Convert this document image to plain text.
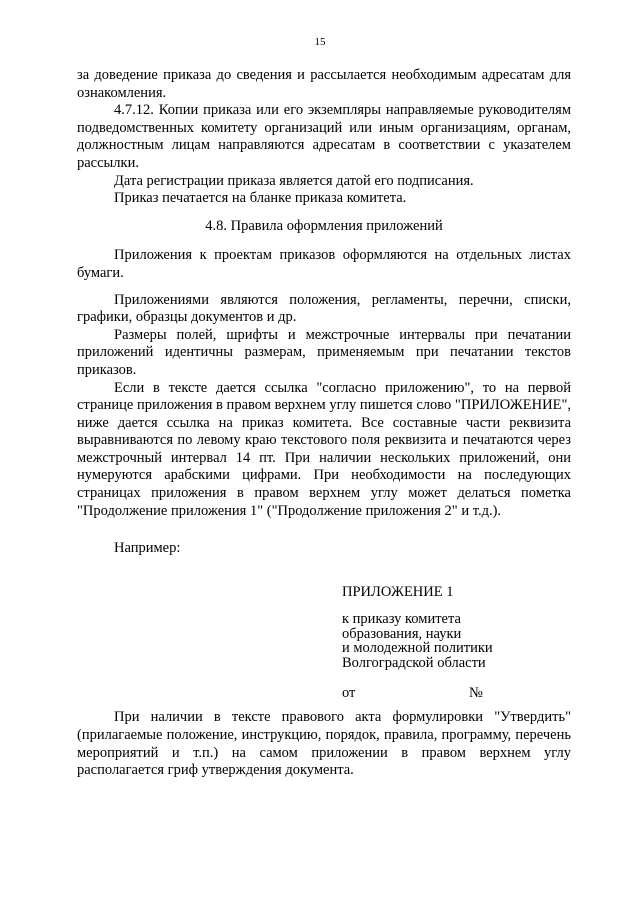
15

за доведение приказа до сведения и рассылается необходимым адресатам для ознакомления.

4.7.12. Копии приказа или его экземпляры направляемые руководителям подведомственных комитету организаций или иным организациям, органам, должностным лицам направляются адресатам в соответствии с указателем рассылки.

Дата регистрации приказа является датой его подписания.

Приказ печатается на бланке приказа комитета.

4.8. Правила оформления приложений

Приложения к проектам приказов оформляются на отдельных листах бумаги.

Приложениями являются положения, регламенты, перечни, списки, графики, образцы документов и др.

Размеры полей, шрифты и межстрочные интервалы при печатании приложений идентичны размерам, применяемым при печатании текстов приказов.

Если в тексте дается ссылка "согласно приложению", то на первой странице приложения в правом верхнем углу пишется слово "ПРИЛОЖЕНИЕ", ниже дается ссылка на приказ комитета. Все составные части реквизита выравниваются по левому краю текстового поля реквизита и печатаются через межстрочный интервал 14 пт. При наличии нескольких приложений, они нумеруются арабскими цифрами. При необходимости на последующих страницах приложения в правом верхнем углу может делаться пометка "Продолжение приложения 1" ("Продолжение приложения 2" и т.д.).

Например:
ПРИЛОЖЕНИЕ 1
к приказу комитета
образования, науки
и молодежной политики
Волгоградской области
от	№

При наличии в тексте правового акта формулировки "Утвердить" (прилагаемые положение, инструкцию, порядок, правила, программу, перечень мероприятий и т.п.) на самом приложении в правом верхнем углу располагается гриф утверждения документа.
